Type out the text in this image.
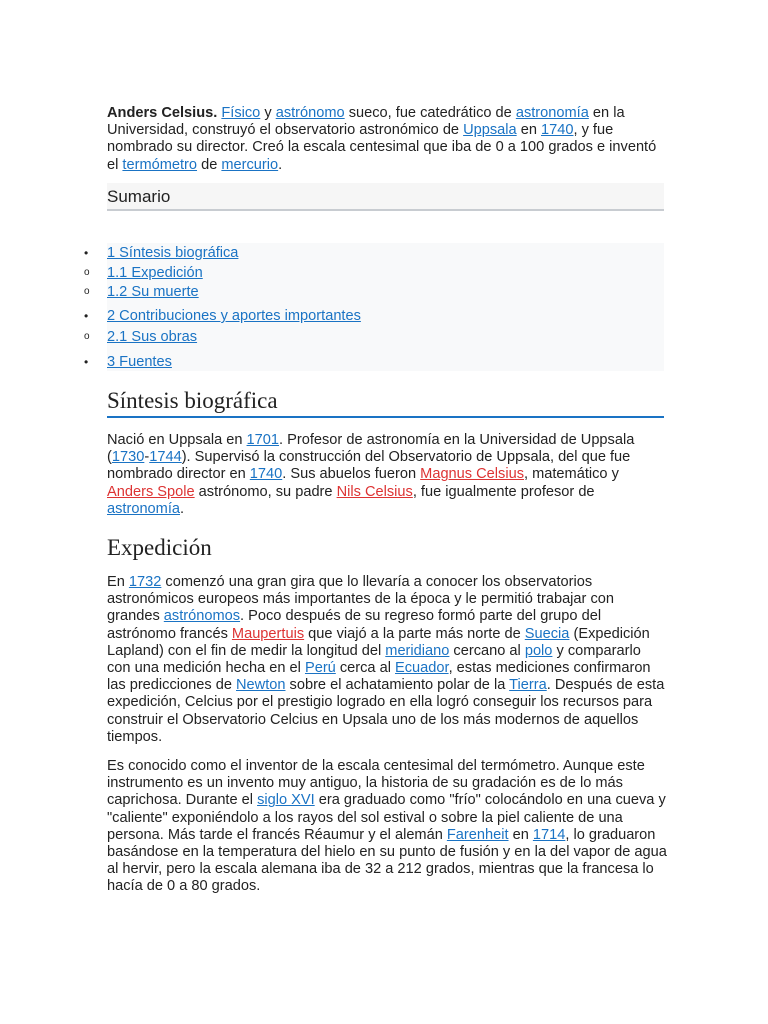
Anders Celsius. Físico y astrónomo sueco, fue catedrático de astronomía en la Universidad, construyó el observatorio astronómico de Uppsala en 1740, y fue nombrado su director. Creó la escala centesimal que iba de 0 a 100 grados e inventó el termómetro de mercurio.

Sumario
• 1 Síntesis biográfica
o 1.1 Expedición
o 1.2 Su muerte
• 2 Contribuciones y aportes importantes
o 2.1 Sus obras
• 3 Fuentes
Síntesis biográfica

Nació en Uppsala en 1701. Profesor de astronomía en la Universidad de Uppsala (1730-1744). Supervisó la construcción del Observatorio de Uppsala, del que fue nombrado director en 1740. Sus abuelos fueron Magnus Celsius, matemático y Anders Spole astrónomo, su padre Nils Celsius, fue igualmente profesor de astronomía.

Expedición

En 1732 comenzó una gran gira que lo llevaría a conocer los observatorios astronómicos europeos más importantes de la época y le permitió trabajar con grandes astrónomos. Poco después de su regreso formó parte del grupo del astrónomo francés Maupertuis que viajó a la parte más norte de Suecia (Expedición Lapland) con el fin de medir la longitud del meridiano cercano al polo y compararlo con una medición hecha en el Perú cerca al Ecuador, estas mediciones confirmaron las predicciones de Newton sobre el achatamiento polar de la Tierra. Después de esta expedición, Celcius por el prestigio logrado en ella logró conseguir los recursos para construir el Observatorio Celcius en Upsala uno de los más modernos de aquellos tiempos.

Es conocido como el inventor de la escala centesimal del termómetro. Aunque este instrumento es un invento muy antiguo, la historia de su gradación es de lo más caprichosa. Durante el siglo XVI era graduado como "frío" colocándolo en una cueva y "caliente" exponiéndolo a los rayos del sol estival o sobre la piel caliente de una persona. Más tarde el francés Réaumur y el alemán Farenheit en 1714, lo graduaron basándose en la temperatura del hielo en su punto de fusión y en la del vapor de agua al hervir, pero la escala alemana iba de 32 a 212 grados, mientras que la francesa lo hacía de 0 a 80 grados.
